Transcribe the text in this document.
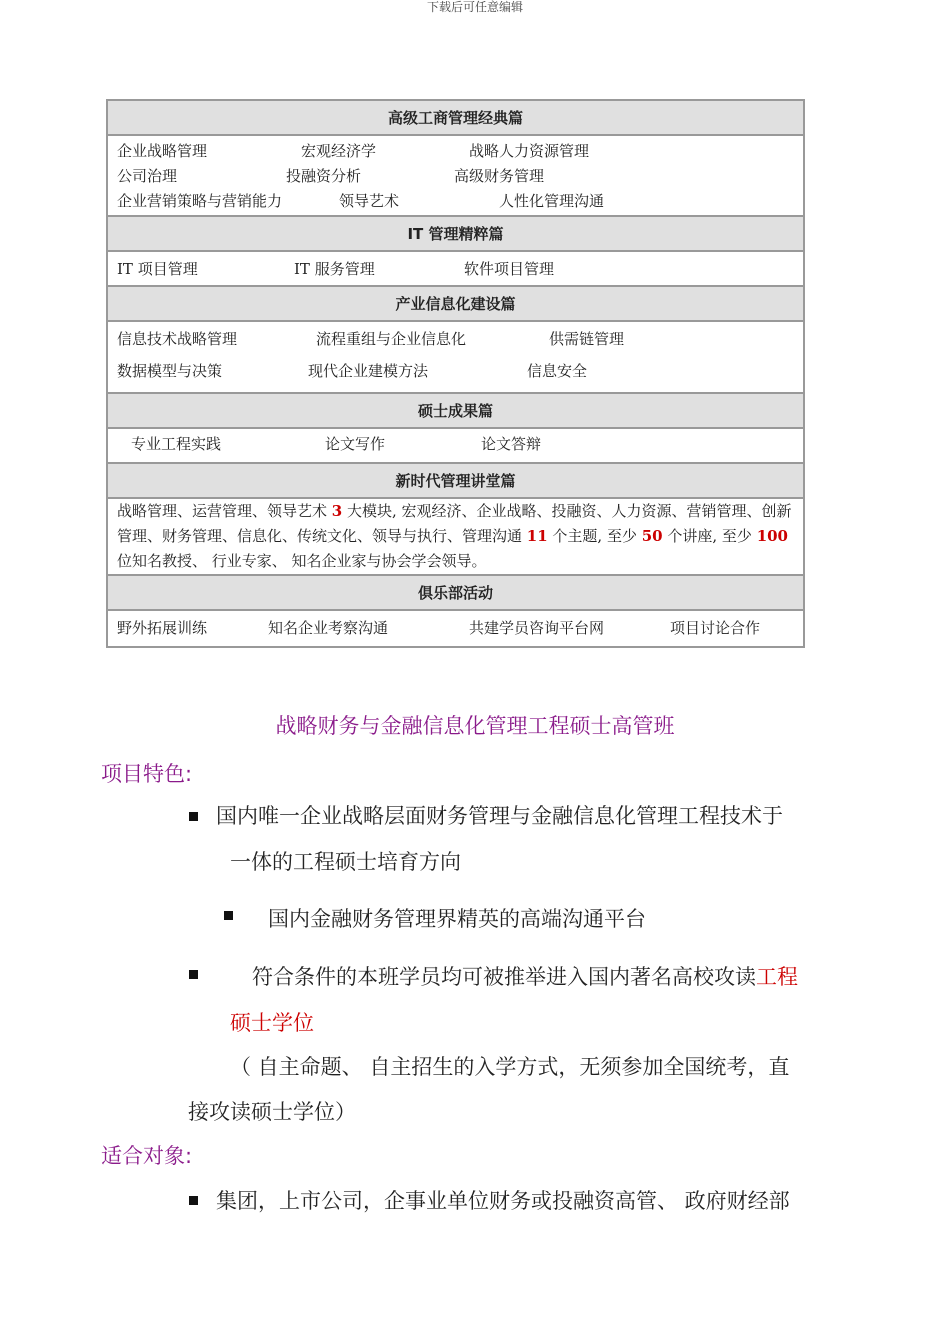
下载后可任意编辑
高级工商管理经典篇

企业战略管理	宏观经济学	战略人力资源管理
公司治理	投融资分析	高级财务管理
企业营销策略与营销能力	领导艺术	人性化管理沟通

IT 管理精粹篇

IT 项目管理	IT 服务管理	软件项目管理

产业信息化建设篇

信息技术战略管理	流程重组与企业信息化	供需链管理
数据模型与决策	现代企业建模方法	信息安全

硕士成果篇

专业工程实践	论文写作	论文答辩

新时代管理讲堂篇
战略管理、运营管理、领导艺术 3 大模块, 宏观经济、企业战略、投融资、人力资源、营销管理、创新管理、财务管理、信息化、传统文化、领导与执行、管理沟通 11 个主题, 至少 50 个讲座, 至少 100 位知名教授、 行业专家、 知名企业家与协会学会领导。
俱乐部活动

野外拓展训练	知名企业考察沟通	共建学员咨询平台网	项目讨论合作
战略财务与金融信息化管理工程硕士高管班
项目特色:
国内唯一企业战略层面财务管理与金融信息化管理工程技术于
一体的工程硕士培育方向
国内金融财务管理界精英的高端沟通平台
符合条件的本班学员均可被推举进入国内著名高校攻读工程
硕士学位
（ 自主命题、 自主招生的入学方式，无须参加全国统考，直
接攻读硕士学位）
适合对象:
集团，上市公司，企事业单位财务或投融资高管、 政府财经部
